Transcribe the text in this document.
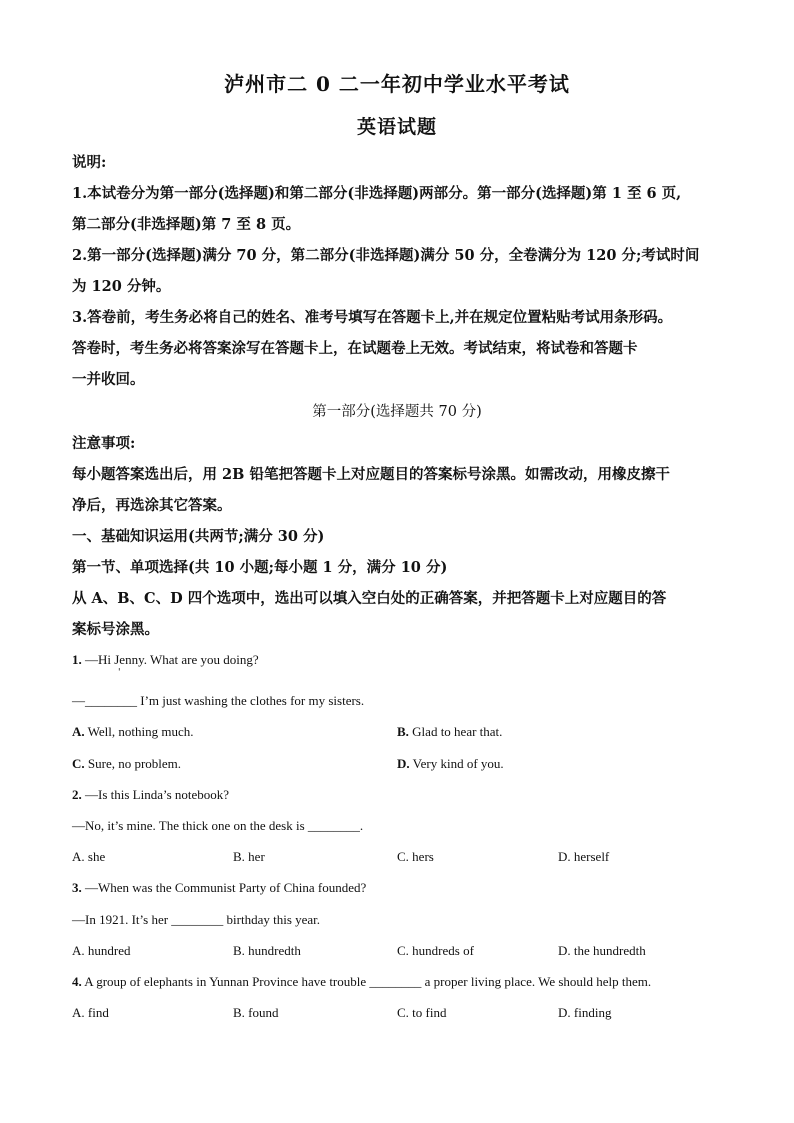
泸州市二 0 二一年初中学业水平考试
英语试题
说明:
1.本试卷分为第一部分(选择题)和第二部分(非选择题)两部分。第一部分(选择题)第 1 至 6 页,
第二部分(非选择题)第 7 至 8 页。
2.第一部分(选择题)满分 70 分，第二部分(非选择题)满分 50 分，全卷满分为 120 分;考试时间
为 120 分钟。
3.答卷前，考生务必将自己的姓名、准考号填写在答题卡上,并在规定位置粘贴考试用条形码。
答卷时，考生务必将答案涂写在答题卡上，在试题卷上无效。考试结束，将试卷和答题卡
一并收回。
第一部分(选择题共 70 分)
注意事项:
每小题答案选出后，用 2B 铅笔把答题卡上对应题目的答案标号涂黑。如需改动，用橡皮擦干
净后，再选涂其它答案。
一、基础知识运用(共两节;满分 30 分)
第一节、单项选择(共 10 小题;每小题 1 分，满分 10 分)
从 A、B、C、D 四个选项中，选出可以填入空白处的正确答案，并把答题卡上对应题目的答
案标号涂黑。
1. —Hi Jenny. What are you doing?
'
—________ I’m just washing the clothes for my sisters.
A. Well, nothing much.	B. Glad to hear that.
C. Sure, no problem.	D. Very kind of you.
2. —Is this Linda’s notebook?
—No, it’s mine. The thick one on the desk is ________.
A. she	B. her	C. hers	D. herself
3. —When was the Communist Party of China founded?
—In 1921. It’s her ________ birthday this year.
A. hundred	B. hundredth	C. hundreds of	D. the hundredth
4. A group of elephants in Yunnan Province have trouble ________ a proper living place. We should help them.
A. find	B. found	C. to find	D. finding
